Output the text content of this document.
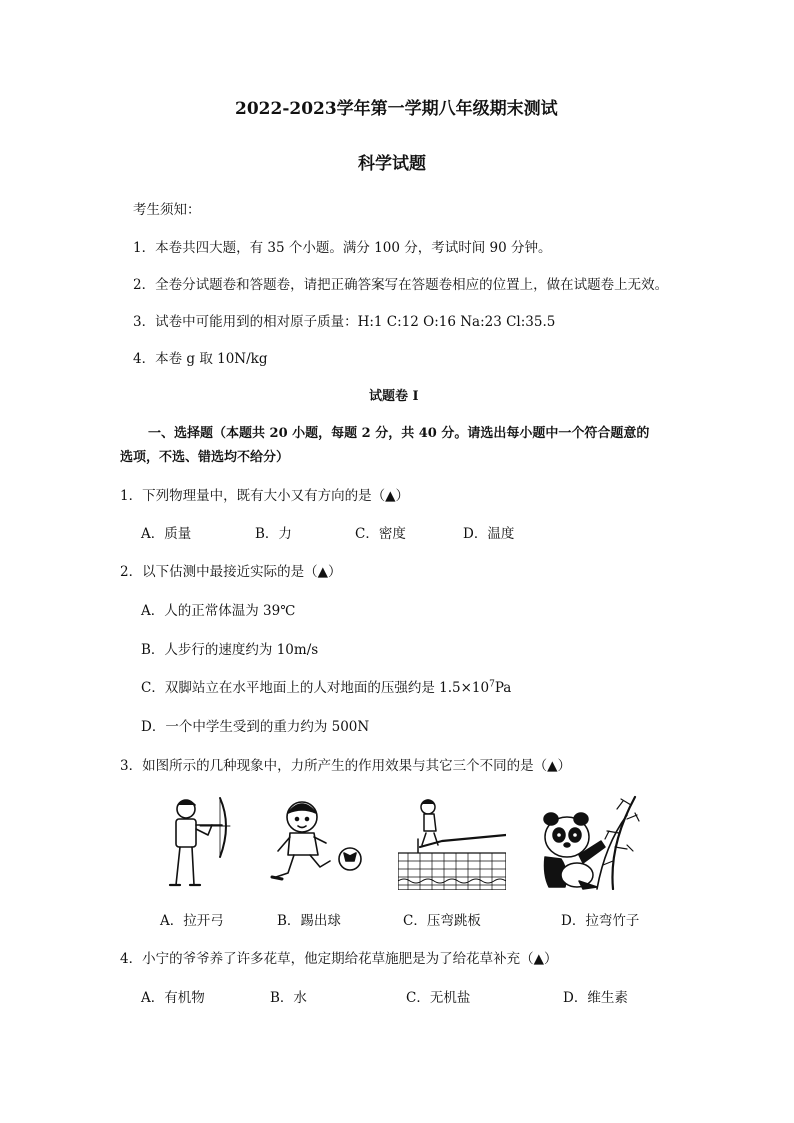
2022-2023学年第一学期八年级期末测试
科学试题
考生须知：
1．本卷共四大题，有 35 个小题。满分 100 分，考试时间 90 分钟。
2．全卷分试题卷和答题卷，请把正确答案写在答题卷相应的位置上，做在试题卷上无效。
3．试卷中可能用到的相对原子质量：H:1 C:12 O:16 Na:23 Cl:35.5
4．本卷 g 取 10N/kg
试题卷 I
一、选择题（本题共 20 小题，每题 2 分，共 40 分。请选出每小题中一个符合题意的
选项，不选、错选均不给分）
1．下列物理量中，既有大小又有方向的是（▲）
A．质量	B．力	C．密度	D．温度
2．以下估测中最接近实际的是（▲）
A．人的正常体温为 39℃
B．人步行的速度约为 10m/s
C．双脚站立在水平地面上的人对地面的压强约是 $1.5\times 10^7Pa$
D．一个中学生受到的重力约为 500N
3．如图所示的几种现象中，力所产生的作用效果与其它三个不同的是（▲）
A．拉开弓	B．踢出球	C．压弯跳板	D．拉弯竹子
4．小宁的爷爷养了许多花草，他定期给花草施肥是为了给花草补充（▲）
A．有机物	B．水	C．无机盐	D．维生素
